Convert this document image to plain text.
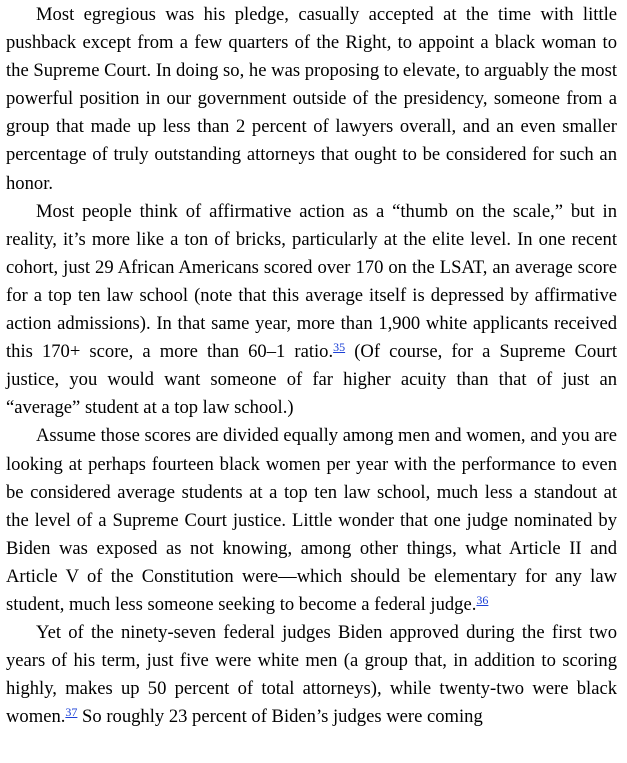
Most egregious was his pledge, casually accepted at the time with little pushback except from a few quarters of the Right, to appoint a black woman to the Supreme Court. In doing so, he was proposing to elevate, to arguably the most powerful position in our government outside of the presidency, someone from a group that made up less than 2 percent of lawyers overall, and an even smaller percentage of truly outstanding attorneys that ought to be considered for such an honor.

Most people think of affirmative action as a “thumb on the scale,” but in reality, it’s more like a ton of bricks, particularly at the elite level. In one recent cohort, just 29 African Americans scored over 170 on the LSAT, an average score for a top ten law school (note that this average itself is depressed by affirmative action admissions). In that same year, more than 1,900 white applicants received this 170+ score, a more than 60–1 ratio.$^{35}$ (Of course, for a Supreme Court justice, you would want someone of far higher acuity than that of just an “average” student at a top law school.)

Assume those scores are divided equally among men and women, and you are looking at perhaps fourteen black women per year with the performance to even be considered average students at a top ten law school, much less a standout at the level of a Supreme Court justice. Little wonder that one judge nominated by Biden was exposed as not knowing, among other things, what Article II and Article V of the Constitution were—which should be elementary for any law student, much less someone seeking to become a federal judge.$^{36}$

Yet of the ninety-seven federal judges Biden approved during the first two years of his term, just five were white men (a group that, in addition to scoring highly, makes up 50 percent of total attorneys), while twenty-two were black women.$^{37}$ So roughly 23 percent of Biden’s judges were coming
